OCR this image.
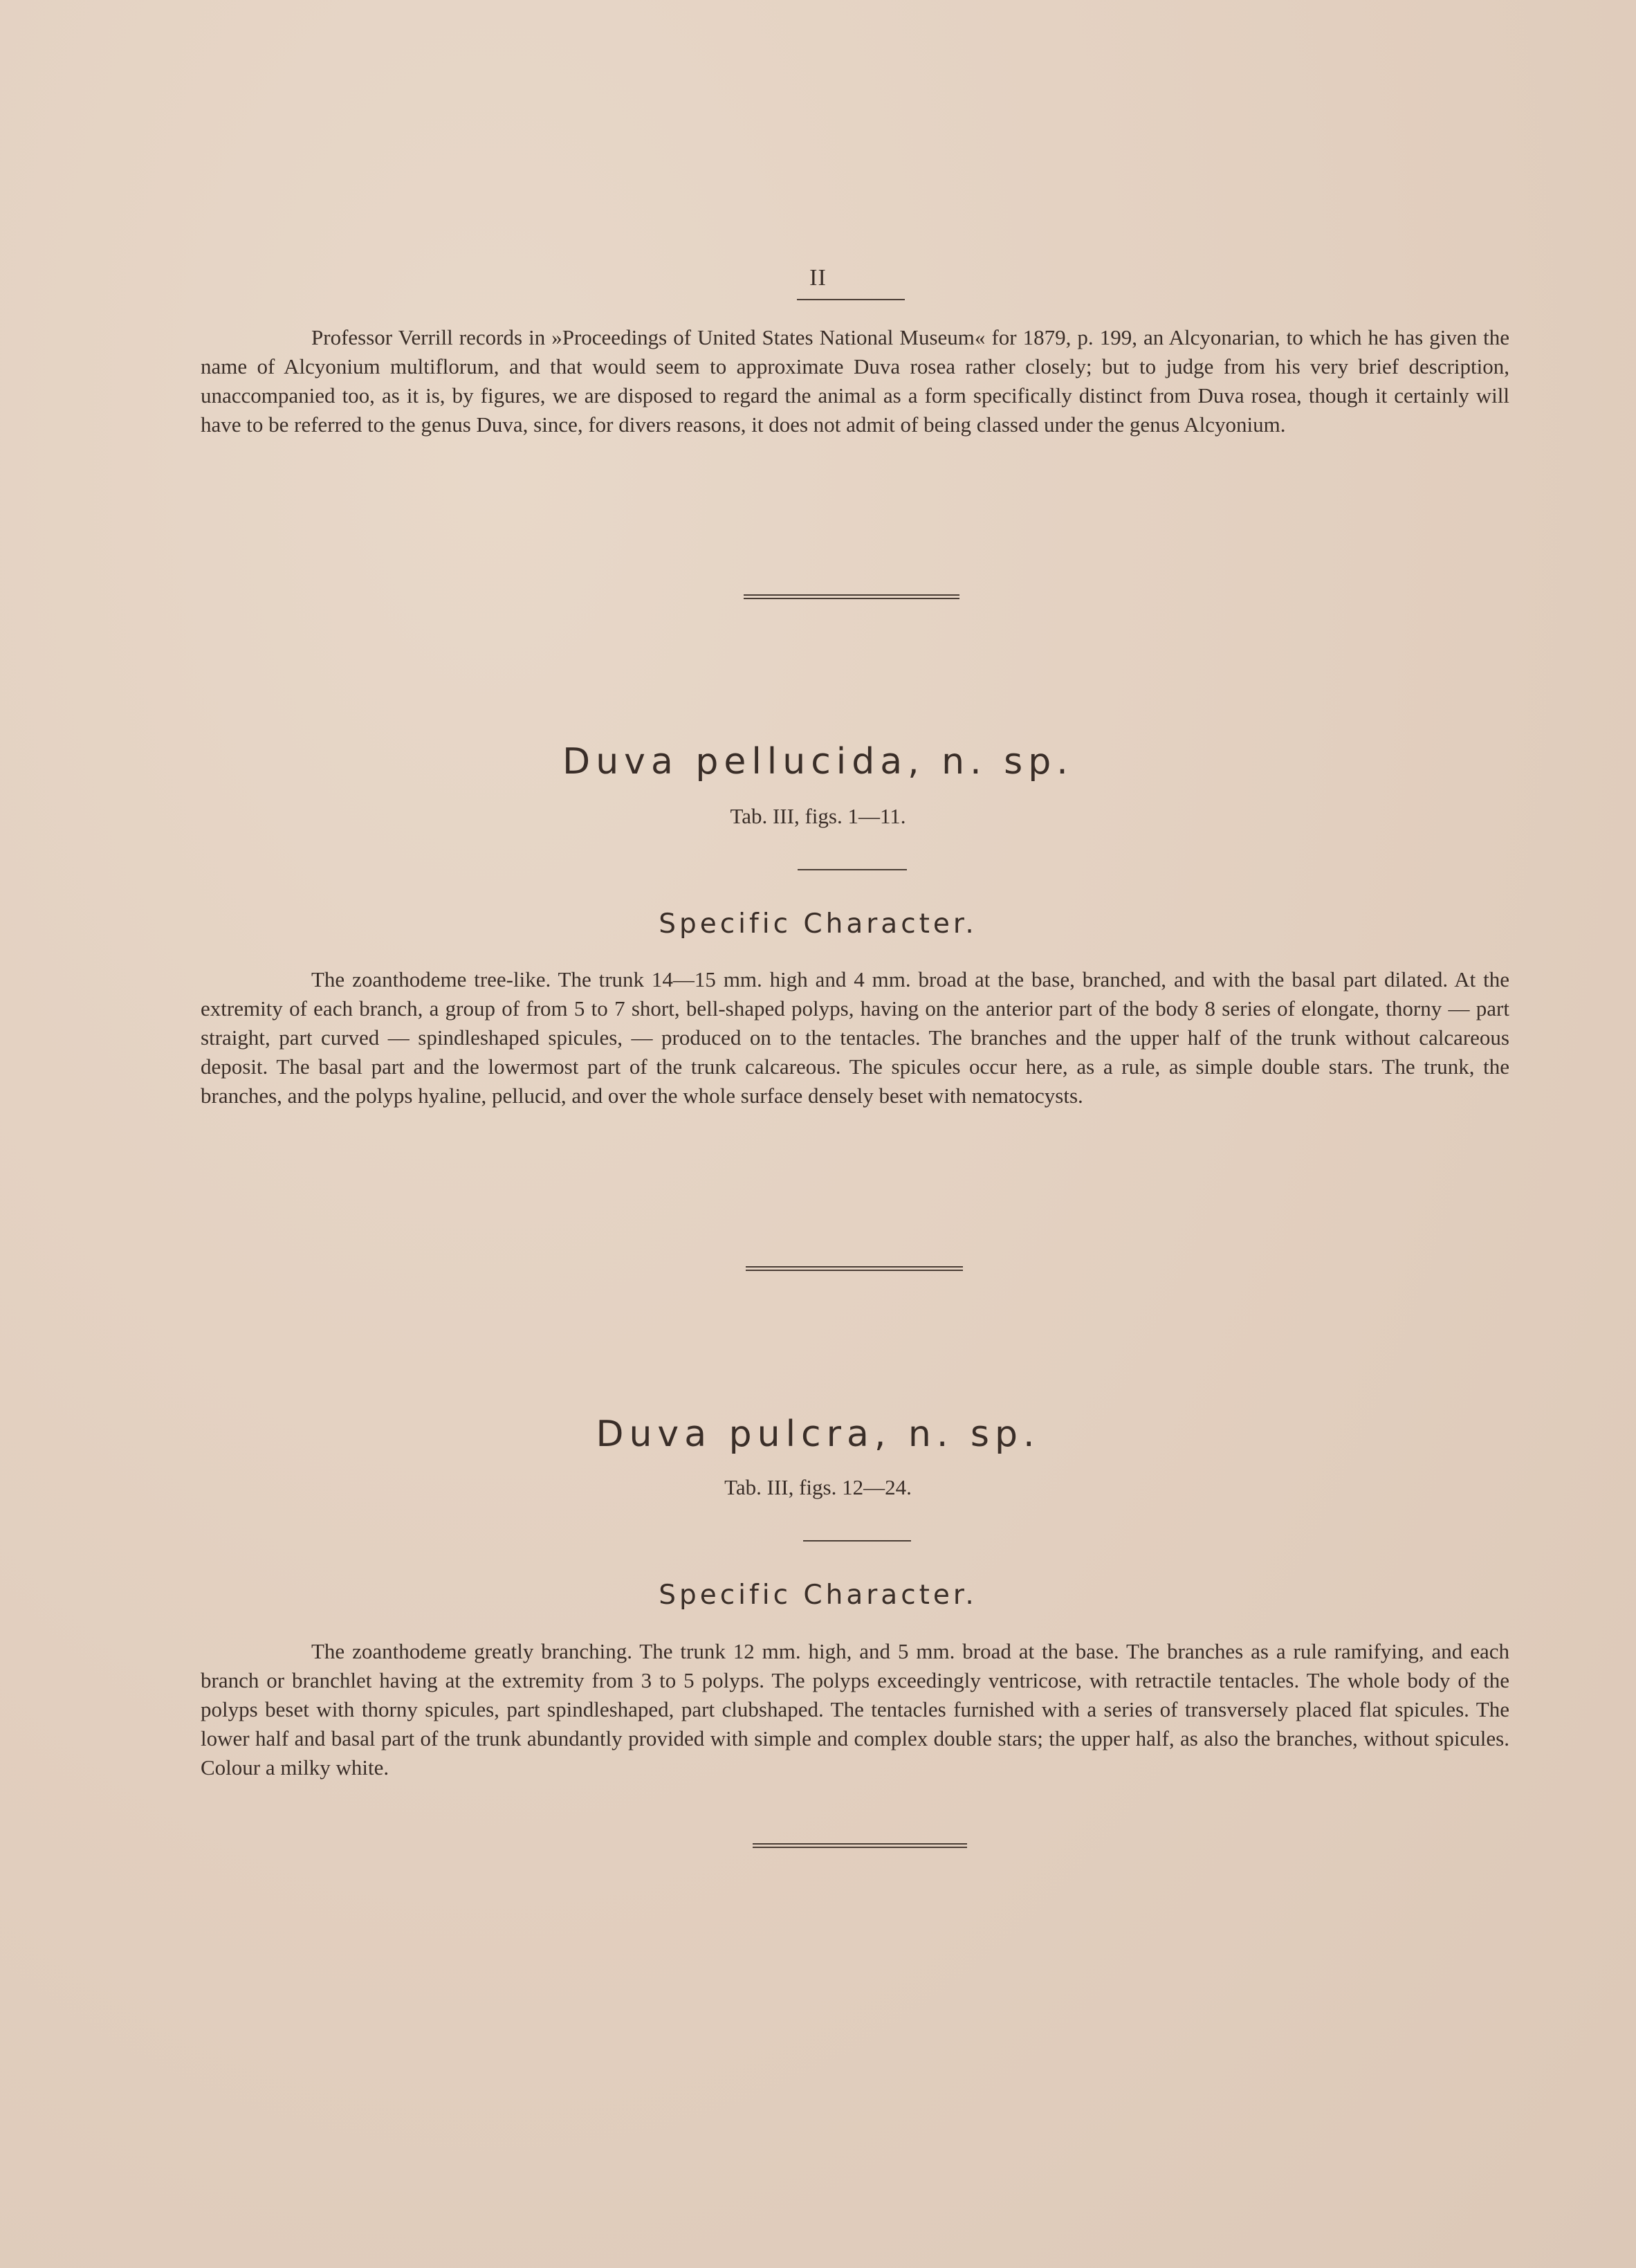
II

Professor Verrill records in »Proceedings of United States National Museum« for 1879, p. 199, an Alcyonarian, to which he has given the name of Alcyonium multiflorum, and that would seem to approximate Duva rosea rather closely; but to judge from his very brief description, unaccompanied too, as it is, by figures, we are disposed to regard the animal as a form specifically distinct from Duva rosea, though it certainly will have to be referred to the genus Duva, since, for divers reasons, it does not admit of being classed under the genus Alcyonium.

Duva pellucida, n. sp.

Tab. III, figs. 1—11.

Specific Character.

The zoanthodeme tree-like. The trunk 14—15 mm. high and 4 mm. broad at the base, branched, and with the basal part dilated. At the extremity of each branch, a group of from 5 to 7 short, bell-shaped polyps, having on the anterior part of the body 8 series of elongate, thorny — part straight, part curved — spindleshaped spicules, — produced on to the tentacles. The branches and the upper half of the trunk without calcareous deposit. The basal part and the lowermost part of the trunk calcareous. The spicules occur here, as a rule, as simple double stars. The trunk, the branches, and the polyps hyaline, pellucid, and over the whole surface densely beset with nematocysts.

Duva pulcra, n. sp.

Tab. III, figs. 12—24.

Specific Character.

The zoanthodeme greatly branching. The trunk 12 mm. high, and 5 mm. broad at the base. The branches as a rule ramifying, and each branch or branchlet having at the extremity from 3 to 5 polyps. The polyps exceedingly ventricose, with retractile tentacles. The whole body of the polyps beset with thorny spicules, part spindleshaped, part clubshaped. The tentacles furnished with a series of transversely placed flat spicules. The lower half and basal part of the trunk abundantly provided with simple and complex double stars; the upper half, as also the branches, without spicules. Colour a milky white.
